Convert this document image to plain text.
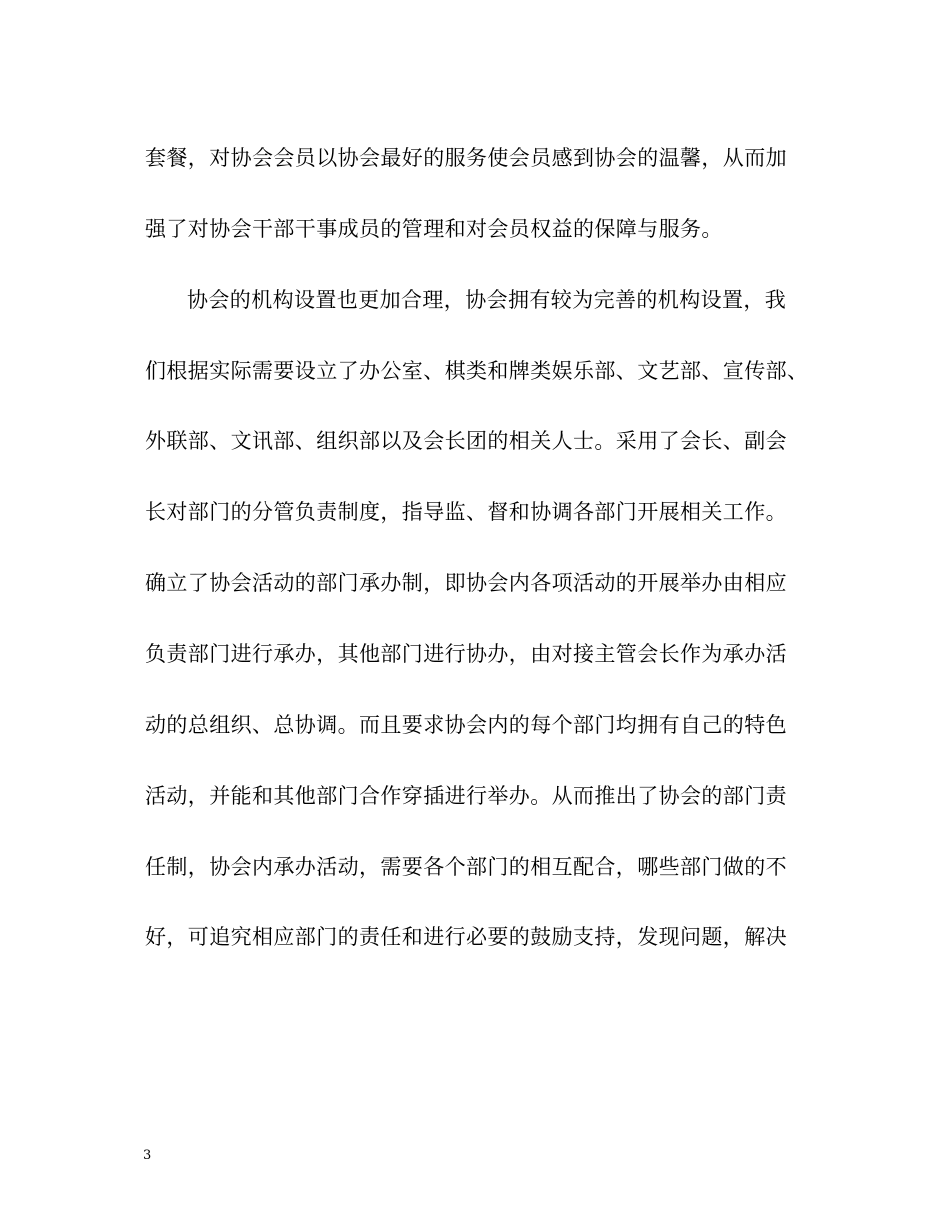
套餐，对协会会员以协会最好的服务使会员感到协会的温馨，从而加
强了对协会干部干事成员的管理和对会员权益的保障与服务。
协会的机构设置也更加合理，协会拥有较为完善的机构设置，我
们根据实际需要设立了办公室、棋类和牌类娱乐部、文艺部、宣传部、
外联部、文讯部、组织部以及会长团的相关人士。采用了会长、副会
长对部门的分管负责制度，指导监、督和协调各部门开展相关工作。
确立了协会活动的部门承办制，即协会内各项活动的开展举办由相应
负责部门进行承办，其他部门进行协办，由对接主管会长作为承办活
动的总组织、总协调。而且要求协会内的每个部门均拥有自己的特色
活动，并能和其他部门合作穿插进行举办。从而推出了协会的部门责
任制，协会内承办活动，需要各个部门的相互配合，哪些部门做的不
好，可追究相应部门的责任和进行必要的鼓励支持，发现问题，解决
3
